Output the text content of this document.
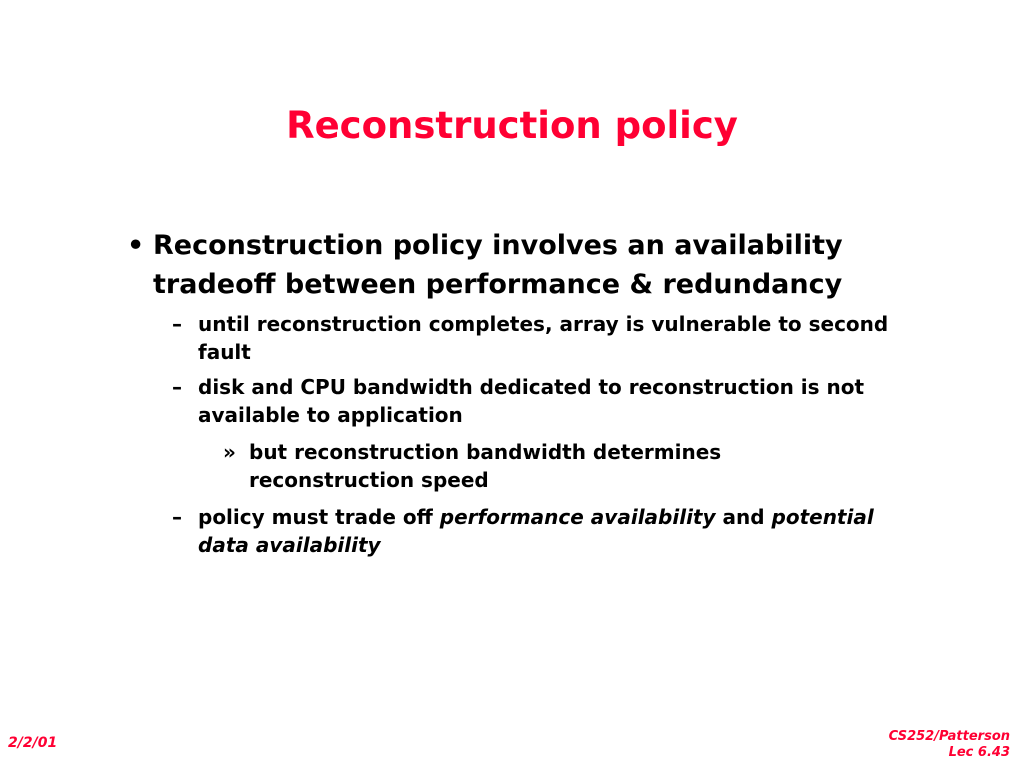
Reconstruction policy
• Reconstruction policy involves an availability tradeoff between performance & redundancy
– until reconstruction completes, array is vulnerable to second fault
– disk and CPU bandwidth dedicated to reconstruction is not available to application
» but reconstruction bandwidth determines reconstruction speed
– policy must trade off performance availability and potential data availability
2/2/01	CS252/Patterson
Lec 6.43
